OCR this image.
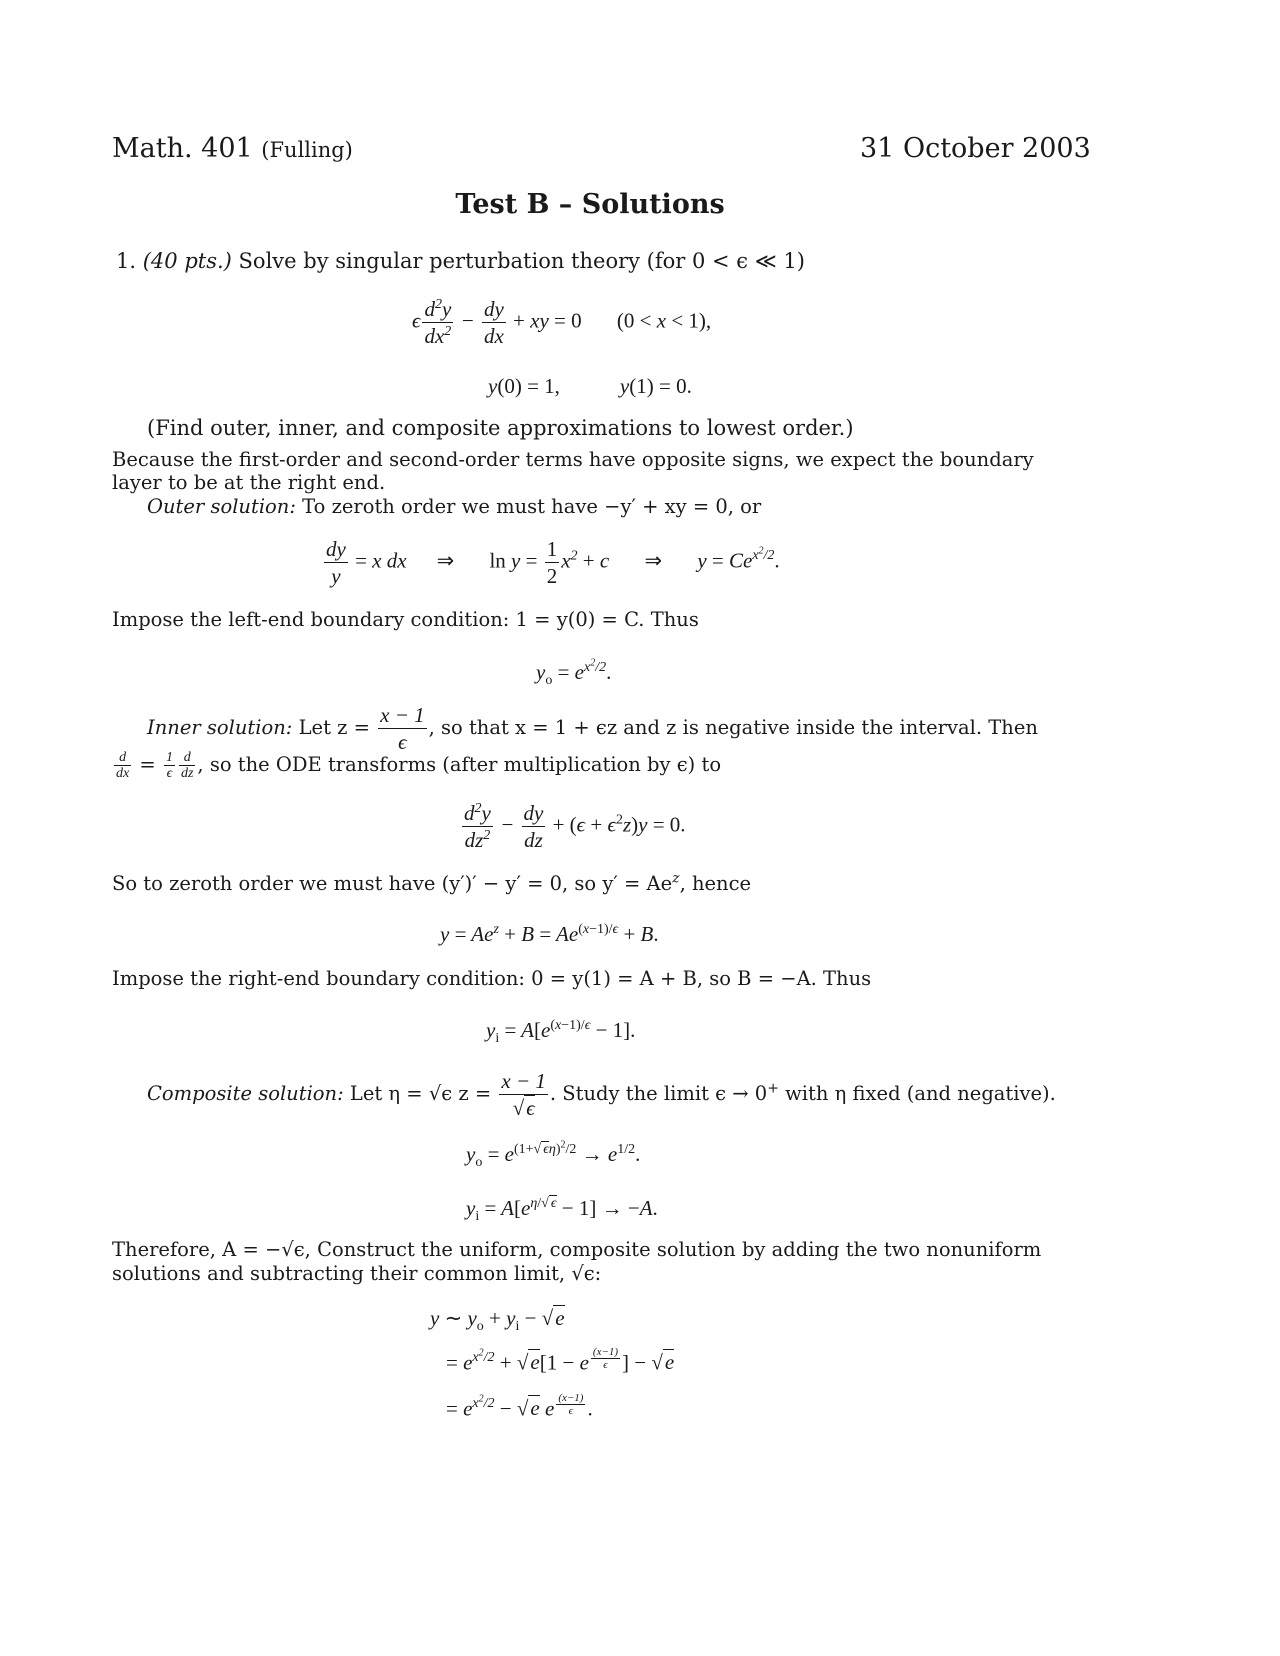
Math. 401 (Fulling)	31 October 2003
Test B – Solutions
1. (40 pts.) Solve by singular perturbation theory (for 0 < ϵ ≪ 1)
ϵ $\frac{d^2y}{dx^2} - \frac{dy}{dx}$ + xy = 0 (0 < x < 1),
y(0) = 1,	y(1) = 0.
(Find outer, inner, and composite approximations to lowest order.)
Because the first-order and second-order terms have opposite signs, we expect the boundary layer to be at the right end.
Outer solution: To zeroth order we must have −y′ + xy = 0, or
$\frac{dy}{y} = x$ dx ⇒ $\ln y = \frac{1}{2} x^2 + c$ ⇒ $y = Ce^{x^2/2}$.
Impose the left-end boundary condition: 1 = y(0) = C. Thus
$y_o = e^{x^2/2}$.
Inner solution: Let $z = \frac{x - 1}{\epsilon}$ , so that x = 1 + ϵz and z is negative inside the interval. Then
$\frac{d}{dx} = \frac{1}{\epsilon} \frac{d}{dz}$ , so the ODE transforms (after multiplication by ϵ) to
$\frac{d^2y}{dz^2} - \frac{dy}{dz} + (\epsilon + \epsilon^2z)y = 0$.
So to zeroth order we must have (y′)′ − y′ = 0, so $y' = Ae^z$, hence
$y = Ae^z + B = Ae^{(x-1)/\epsilon} + B$.
Impose the right-end boundary condition: 0 = y(1) = A + B, so B = −A. Thus
$y_i = A[e^{(x-1)/\epsilon} - 1]$.
Composite solution: Let η = √ϵ $z = \frac{x - 1}{√\epsilon}$ . Study the limit ϵ → 0+ with η fixed (and negative).
$y_o = e^{(1+√ \epsilon\eta)^2/2} \to e^{1/2}$.
$y_i = A[e^{\eta/√ \epsilon} - 1] \to -A$.
Therefore, A = −√ϵ, Construct the uniform, composite solution by adding the two nonuniform
solutions and subtracting their common limit, √ϵ:
y ∼ $y_o + y_i - √e$
= $e^{x^2/2} + √e[1 - e$ $^{\frac{(x-1)}{\epsilon}}$ ] − √e
= $e^{x^2/2} - √e$ e $^{\frac{(x-1)}{\epsilon}}$ .
